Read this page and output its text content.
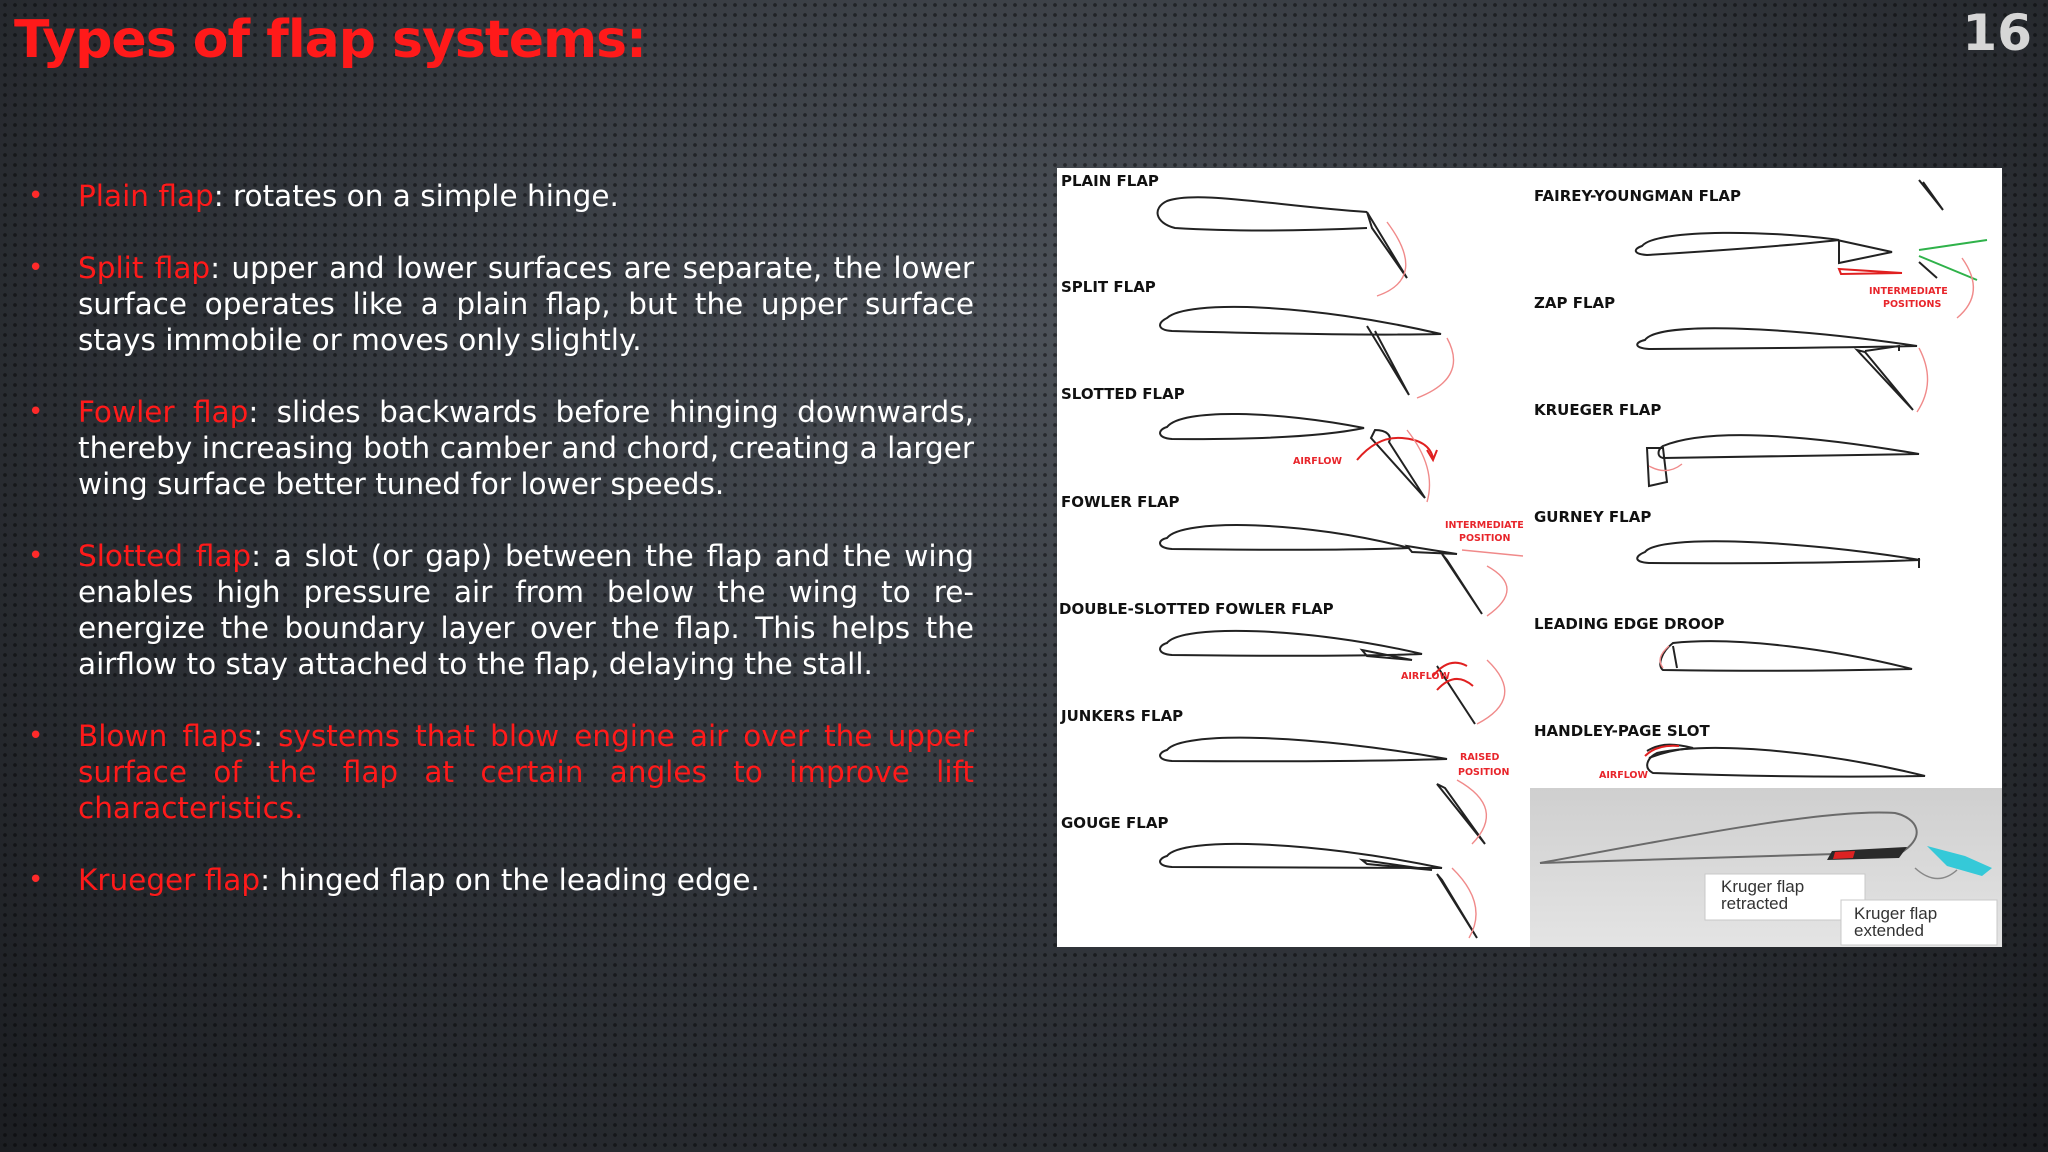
Types of flap systems:	16
• Plain flap: rotates on a simple hinge.
• Split flap: upper and lower surfaces are separate, the lower surface operates like a plain flap, but the upper surface stays immobile or moves only slightly.
• Fowler flap: slides backwards before hinging downwards, thereby increasing both camber and chord, creating a larger wing surface better tuned for lower speeds.
• Slotted flap: a slot (or gap) between the flap and the wing enables high pressure air from below the wing to re-energize the boundary layer over the flap. This helps the airflow to stay attached to the flap, delaying the stall.
• Blown flaps: systems that blow engine air over the upper surface of the flap at certain angles to improve lift characteristics.
• Krueger flap: hinged flap on the leading edge.
PLAIN FLAP
SPLIT FLAP
SLOTTED FLAP
AIRFLOW
FOWLER FLAP
INTERMEDIATE
POSITION
DOUBLE-SLOTTED FOWLER FLAP
AIRFLOW
JUNKERS FLAP
RAISED
POSITION
GOUGE FLAP
FAIREY-YOUNGMAN FLAP
INTERMEDIATE
POSITIONS
ZAP FLAP
KRUEGER FLAP
GURNEY FLAP
LEADING EDGE DROOP
HANDLEY-PAGE SLOT
AIRFLOW
Kruger flap
retracted
Kruger flap
extended
